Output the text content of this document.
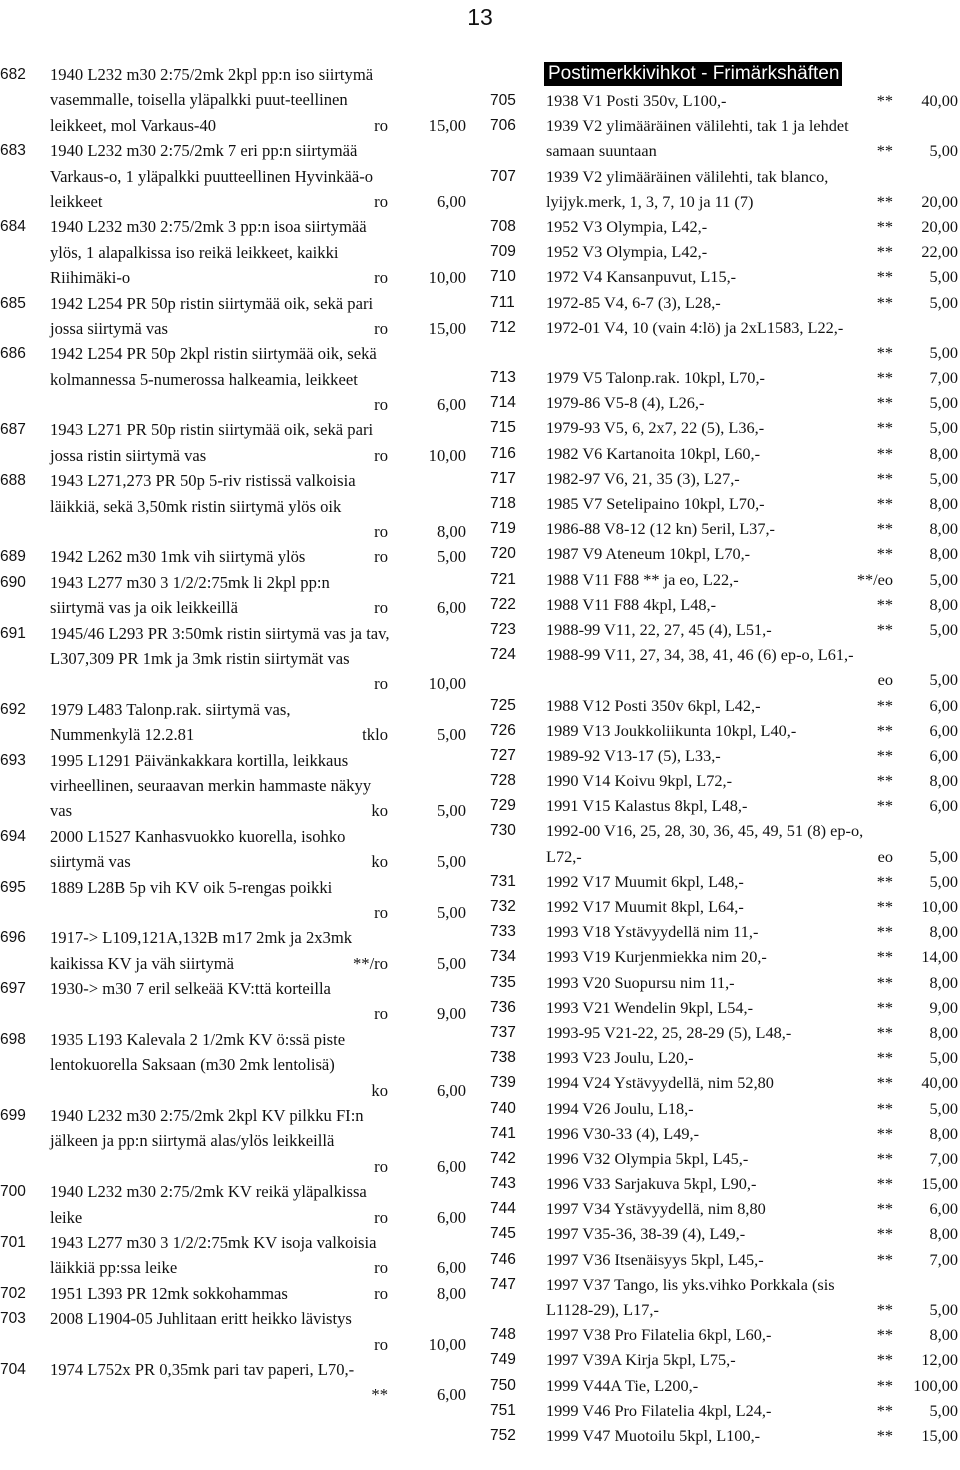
13
682 1940 L232 m30 2:75/2mk 2kpl pp:n iso siirtymä
vasemmalle, toisella yläpalkki puut-teellinen
leikkeet, mol Varkaus-40	ro 15,00
683 1940 L232 m30 2:75/2mk 7 eri pp:n siirtymää
Varkaus-o, 1 yläpalkki puutteellinen Hyvinkää-o
leikkeet	ro	6,00
684 1940 L232 m30 2:75/2mk 3 pp:n isoa siirtymää
ylös, 1 alapalkissa iso reikä leikkeet, kaikki
Riihimäki-o	ro 10,00
685 1942 L254 PR 50p ristin siirtymää oik, sekä pari
jossa siirtymä vas	ro 15,00
686 1942 L254 PR 50p 2kpl ristin siirtymää oik, sekä
kolmannessa 5-numerossa halkeamia, leikkeet
ro	6,00
687 1943 L271 PR 50p ristin siirtymää oik, sekä pari
jossa ristin siirtymä vas	ro 10,00
688 1943 L271,273 PR 50p 5-riv ristissä valkoisia
läikkiä, sekä 3,50mk ristin siirtymä ylös oik
ro	8,00
689 1942 L262 m30 1mk vih siirtymä ylös	ro	5,00
690 1943 L277 m30 3 1/2/2:75mk li 2kpl pp:n
siirtymä vas ja oik leikkeillä	ro	6,00
691 1945/46 L293 PR 3:50mk ristin siirtymä vas ja tav,
L307,309 PR 1mk ja 3mk ristin siirtymät vas
ro 10,00
692 1979 L483 Talonp.rak. siirtymä vas,
Nummenkylä 12.2.81	tklo	5,00
693 1995 L1291 Päivänkakkara kortilla, leikkaus
virheellinen, seuraavan merkin hammaste näkyy
vas	ko	5,00
694 2000 L1527 Kanhasvuokko kuorella, isohko
siirtymä vas	ko	5,00
695 1889 L28B 5p vih KV oik 5-rengas poikki
ro	5,00
696 1917-> L109,121A,132B m17 2mk ja 2x3mk
kaikissa KV ja väh siirtymä	**/ro	5,00
697 1930-> m30 7 eril selkeää KV:ttä korteilla
ro	9,00
698 1935 L193 Kalevala 2 1/2mk KV ö:ssä piste
lentokuorella Saksaan (m30 2mk lentolisä)
ko	6,00
699 1940 L232 m30 2:75/2mk 2kpl KV pilkku FI:n
jälkeen ja pp:n siirtymä alas/ylös leikkeillä
ro	6,00
700 1940 L232 m30 2:75/2mk KV reikä yläpalkissa
leike	ro	6,00
701 1943 L277 m30 3 1/2/2:75mk KV isoja valkoisia
läikkiä pp:ssa leike	ro	6,00
702 1951 L393 PR 12mk sokkohammas	ro	8,00
703 2008 L1904-05 Juhlitaan eritt heikko lävistys
ro 10,00
704 1974 L752x PR 0,35mk pari tav paperi, L70,-
**	6,00
Postimerkkivihkot - Frimärkshäften
705 1938 V1 Posti 350v, L100,-	** 40,00
706 1939 V2 ylimääräinen välilehti, tak 1 ja lehdet
samaan suuntaan	** 5,00
707 1939 V2 ylimääräinen välilehti, tak blanco,
lyijyk.merk, 1, 3, 7, 10 ja 11 (7)	** 20,00
708 1952 V3 Olympia, L42,-	** 20,00
709 1952 V3 Olympia, L42,-	** 22,00
710 1972 V4 Kansanpuvut, L15,-	** 5,00
711 1972-85 V4, 6-7 (3), L28,-	** 5,00
712 1972-01 V4, 10 (vain 4:lö) ja 2xL1583, L22,-
** 5,00
713 1979 V5 Talonp.rak. 10kpl, L70,-	** 7,00
714 1979-86 V5-8 (4), L26,-	** 5,00
715 1979-93 V5, 6, 2x7, 22 (5), L36,-	** 5,00
716 1982 V6 Kartanoita 10kpl, L60,-	** 8,00
717 1982-97 V6, 21, 35 (3), L27,-	** 5,00
718 1985 V7 Setelipaino 10kpl, L70,-	** 8,00
719 1986-88 V8-12 (12 kn) 5eril, L37,-	** 8,00
720 1987 V9 Ateneum 10kpl, L70,-	** 8,00
721 1988 V11 F88 ** ja eo, L22,-	**/eo 5,00
722 1988 V11 F88 4kpl, L48,-	** 8,00
723 1988-99 V11, 22, 27, 45 (4), L51,-	** 5,00
724 1988-99 V11, 27, 34, 38, 41, 46 (6) ep-o, L61,-
eo 5,00
725 1988 V12 Posti 350v 6kpl, L42,-	** 6,00
726 1989 V13 Joukkoliikunta 10kpl, L40,-	** 6,00
727 1989-92 V13-17 (5), L33,-	** 6,00
728 1990 V14 Koivu 9kpl, L72,-	** 8,00
729 1991 V15 Kalastus 8kpl, L48,-	** 6,00
730 1992-00 V16, 25, 28, 30, 36, 45, 49, 51 (8) ep-o,
L72,-	eo 5,00
731 1992 V17 Muumit 6kpl, L48,-	** 5,00
732 1992 V17 Muumit 8kpl, L64,-	** 10,00
733 1993 V18 Ystävyydellä nim 11,-	** 8,00
734 1993 V19 Kurjenmiekka nim 20,-	** 14,00
735 1993 V20 Suopursu nim 11,-	** 8,00
736 1993 V21 Wendelin 9kpl, L54,-	** 9,00
737 1993-95 V21-22, 25, 28-29 (5), L48,-	** 8,00
738 1993 V23 Joulu, L20,-	** 5,00
739 1994 V24 Ystävyydellä, nim 52,80	** 40,00
740 1994 V26 Joulu, L18,-	** 5,00
741 1996 V30-33 (4), L49,-	** 8,00
742 1996 V32 Olympia 5kpl, L45,-	** 7,00
743 1996 V33 Sarjakuva 5kpl, L90,-	** 15,00
744 1997 V34 Ystävyydellä, nim 8,80	** 6,00
745 1997 V35-36, 38-39 (4), L49,-	** 8,00
746 1997 V36 Itsenäisyys 5kpl, L45,-	** 7,00
747 1997 V37 Tango, lis yks.vihko Porkkala (sis
L1128-29), L17,-	** 5,00
748 1997 V38 Pro Filatelia 6kpl, L60,-	** 8,00
749 1997 V39A Kirja 5kpl, L75,-	** 12,00
750 1999 V44A Tie, L200,-	** 100,00
751 1999 V46 Pro Filatelia 4kpl, L24,-	** 5,00
752 1999 V47 Muotoilu 5kpl, L100,-	** 15,00
